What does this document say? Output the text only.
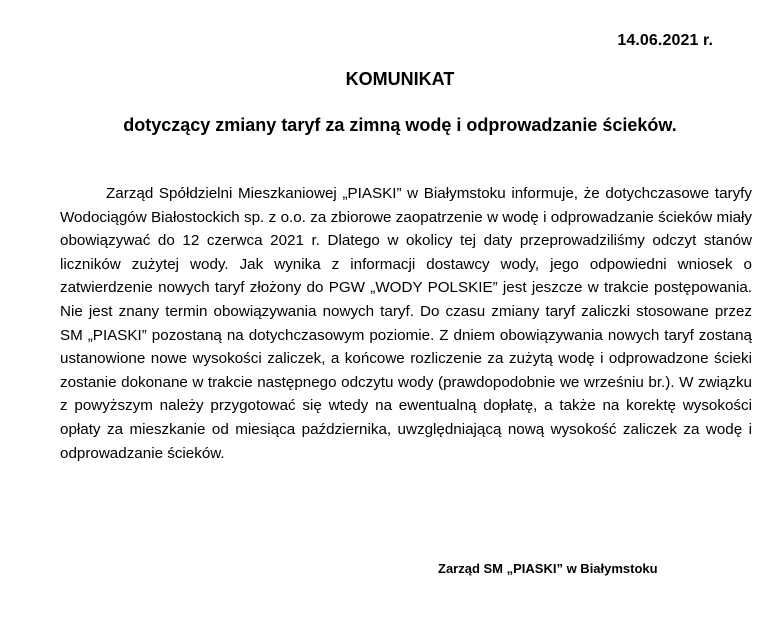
14.06.2021 r.
KOMUNIKAT
dotyczący zmiany taryf za zimną wodę i odprowadzanie ścieków.

Zarząd Spółdzielni Mieszkaniowej „PIASKI” w Białymstoku informuje, że dotychczasowe taryfy Wodociągów Białostockich sp. z o.o. za zbiorowe zaopatrzenie w wodę i odprowadzanie ścieków miały obowiązywać do 12 czerwca 2021 r. Dlatego w okolicy tej daty przeprowadziliśmy odczyt stanów liczników zużytej wody. Jak wynika z informacji dostawcy wody, jego odpowiedni wniosek o zatwierdzenie nowych taryf złożony do PGW „WODY POLSKIE” jest jeszcze w trakcie postępowania. Nie jest znany termin obowiązywania nowych taryf. Do czasu zmiany taryf zaliczki stosowane przez SM „PIASKI” pozostaną na dotychczasowym poziomie. Z dniem obowiązywania nowych taryf zostaną ustanowione nowe wysokości zaliczek, a końcowe rozliczenie za zużytą wodę i odprowadzone ścieki zostanie dokonane w trakcie następnego odczytu wody (prawdopodobnie we wrześniu br.). W związku z powyższym należy przygotować się wtedy na ewentualną dopłatę, a także na korektę wysokości opłaty za mieszkanie od miesiąca października, uwzględniającą nową wysokość zaliczek za wodę i odprowadzanie ścieków.

Zarząd SM „PIASKI” w Białymstoku
